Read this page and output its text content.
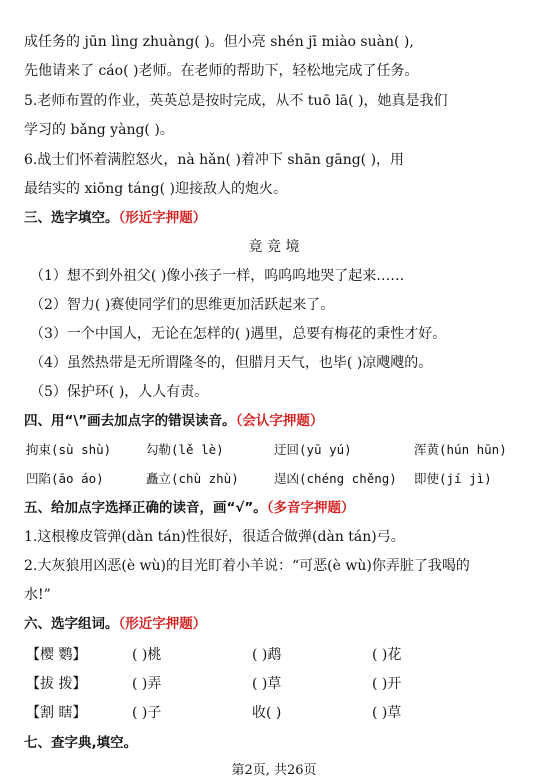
成任务的 jūn lìng zhuàng( )。但小亮 shén jī miào suàn( ),
先他请来了 cáo( )老师。在老师的帮助下，轻松地完成了任务。
5.老师布置的作业，英英总是按时完成，从不 tuō lā( )，她真是我们
学习的 bǎng yàng( )。
6.战士们怀着满腔怒火，nà hǎn( )着冲下 shān gāng( )，用
最结实的 xiōng táng( )迎接敌人的炮火。
三、选字填空。（形近字押题）
竟 竞 境
（1）想不到外祖父( )像小孩子一样，呜呜呜地哭了起来……
（2）智力( )赛使同学们的思维更加活跃起来了。
（3）一个中国人，无论在怎样的( )遇里，总要有梅花的秉性才好。
（4）虽然热带是无所谓隆冬的，但腊月天气，也毕( )凉飕飕的。
（5）保护环( )，人人有责。
四、用“\”画去加点字的错误读音。（会认字押题）
拘束(sù shù)	勾勒(lě lè)	迂回(yū yú)	浑黄(hún hūn)
凹陷(āo áo)	矗立(chù zhù)	逞凶(chéng chěng) 即使(jí jì)
五、给加点字选择正确的读音，画“√”。（多音字押题）
1.这根橡皮管弹(dàn tán)性很好，很适合做弹(dàn tán)弓。
2.大灰狼用凶恶(è wù)的目光盯着小羊说：“可恶(è wù)你弄脏了我喝的
水!”
六、选字组词。（形近字押题）
【樱 鹦】	( )桃	( )鹉	( )花
【拔 拨】	( )弄	( )草	( )开
【割 瞎】	( )子	收( )	( )草
七、查字典,填空。
第2页, 共26页
